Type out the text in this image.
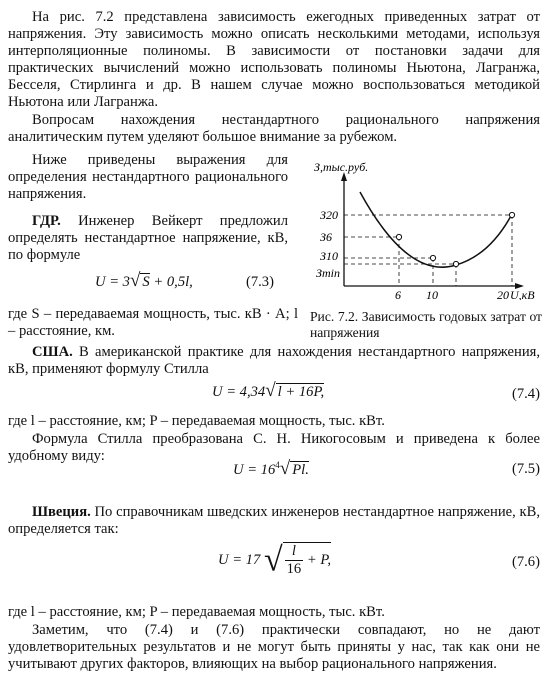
На рис. 7.2 представлена зависимость ежегодных приведенных затрат от напряжения. Эту зависимость можно описать несколькими методами, используя интерполяционные полиномы. В зависимости от постановки задачи для практических вычислений можно использовать полиномы Ньютона, Лагранжа, Бесселя, Стирлинга и др. В нашем случае можно воспользоваться методикой Ньютона или Лагранжа.

Вопросам нахождения нестандартного рационального напряжения аналитическим путем уделяют большое внимание за рубежом.

Ниже приведены выражения для определения нестандартного рационального напряжения.

ГДР. Инженер Вейкерт предложил определять нестандартное напряжение, кВ, по формуле

U = 3√ S + 0,5l,	(7.3)

где S – передаваемая мощность, тыс. кВ · А; l – расстояние, км.

З,тыс.руб.
U,кВ
З20
З6
З10
Зmin
6 10	20

Рис. 7.2. Зависимость годовых затрат от напряжения

США. В американской практике для нахождения нестандартного напряжения, кВ, применяют формулу Стилла

U = 4,34√ l + 16P,	(7.4)

где l – расстояние, км; P – передаваемая мощность, тыс. кВт.

Формула Стилла преобразована С. Н. Никогосовым и приведена к более удобному виду:

$U = 16^4√$ Pl.	(7.5)

Швеция. По справочникам шведских инженеров нестандартное напряжение, кВ, определяется так:

U = 17 √ $\frac{l}{16} + P$,	(7.6)

где l – расстояние, км; P – передаваемая мощность, тыс. кВт.

Заметим, что (7.4) и (7.6) практически совпадают, но не дают удовлетворительных результатов и не могут быть приняты у нас, так как они не учитывают других факторов, влияющих на выбор рационального напряжения.
